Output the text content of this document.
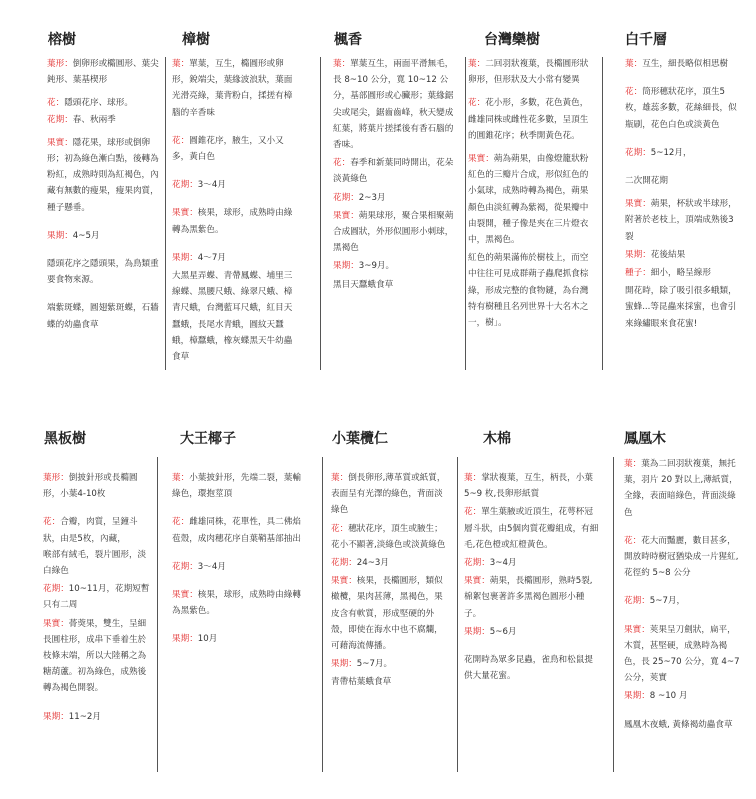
榕樹	樟樹	楓香	台灣欒樹	白千層

葉形：倒卵形或橢圓形、葉尖鈍形、葉基楔形

花：隱頭花序、球形。

花期：春、秋兩季

果實：隱花果，球形或倒卵形；初為綠色漸白點，後轉為粉紅，成熟時則為紅褐色，內藏有無數的瘦果，瘦果肉質，種子懸垂。

果期：4~5月

隱頭花序之隱頭果，為鳥類重要食物來源。

端紫斑蝶，圓翅紫斑蝶，石牆蝶的幼蟲食草

葉：單葉，互生，橢圓形或卵形，銳端尖，葉緣波浪狀，葉面光滑亮綠，葉背粉白，揉搓有樟腦的辛香味

花：圓錐花序，腋生，又小又多，黃白色

花期：3～4月

果實：核果，球形，成熟時由綠轉為黑紫色。

果期：4～7月

大黑星弄蝶、青帶鳳蝶、埔里三線蝶、黑腰尺蛾、綠翠尺蛾、樟青尺蛾，台灣藍耳尺蛾，紅目天蠶蛾，長尾水青蛾，圓紋天蠶蛾，樟蠶蛾，橡灰蝶黑天牛幼蟲食草

葉：單葉互生，兩面平滑無毛，長 8~10 公分，寬 10~12 公分，基部圓形或心臟形；葉緣鋸尖或尾尖，鋸齒齒峰，秋天變成紅葉，將葉片搓揉後有香石腦的香味。

花：春季和新葉同時開出，花朵淡黃綠色

花期：2~3月

果實：蒴果球形，聚合果相聚蒴合成圓狀，外形似圓形小刺球，黑褐色

果期：3~9月。

黑目天蠶蛾食草

葉：二回羽狀複葉，長橢圓形狀卵形，但形狀及大小常有變異

花：花小形，多數，花色黃色，雌雄同株或雌性花多數，呈頂生的圓錐花序；秋季開黃色花。

果實：蒴為蒴果，由像燈籠狀粉紅色的三瓣片合成，形似紅色的小氣球，成熟時轉為褐色，蒴果顏色由淡紅轉為紫褐，從果瓣中由裂開，種子像是夾在三片燈衣中，黑褐色。

紅色的蒴果滿佈於樹枝上，而空中往往可見成群蒴子蟲爬抓食棕綠，形成完整的食物鏈，為台灣特有樹種且名列世界十大名木之一，樹」。

葉：互生，細長略似相思樹

花：筒形穗狀花序，頂生5枚，雄蕊多數，花絲細長，似瓶刷，花色白色或淡黃色

花期：5~12月，

二次開花期

果實：蒴果，杯狀或半球形，附著於老枝上，頂端成熟後3裂

果期：花後結果

種子：細小，略呈線形

開花時，除了吸引很多蛾類，蜜蜂...等昆蟲來採蜜，也會引來綠繡眼來食花蜜!

黑板樹	大王椰子	小葉欖仁	木棉	鳳凰木

葉形：倒披針形或長橢圓形，小葉4-10枚

花：合瓣，肉質，呈鐘斗狀，由是5枚，內藏，

喉部有絨毛，裂片圓形，淡白綠色

花期：10~11月，花期短暫只有二周

果實：蓇葖果，雙生，呈細長圓柱形，成串下垂着生於枝條末端，所以大陸稱之為糖葫蘆。初為綠色，成熟後轉為褐色開裂。

果期：11~2月

葉：小葉披針形，先端二裂，葉輸綠色，環抱莖頂

花：雌雄同株，花單性，具二佛焰苞殼，成肉穗花序自葉鞘基部抽出

花期：3～4月

果實：核果，球形，成熟時由綠轉為黑紫色。

果期：10月

葉：倒長卵形,薄革質或紙質，表面呈有光澤的綠色，背面淡綠色

花：穗狀花序，頂生或腋生；花小不顯著,淡綠色或淡黃綠色

花期：24~3月

果實：核果，長橢圓形，類似橄欖，果肉甚薄，黑褐色，果皮含有軟質，形成堅硬的外殼，即使在海水中也不腐爛，可藉海流傳播。

果期：5~7月。

青帶枯葉蛾食草

葉：掌狀複葉，互生，柄長，小葉 5~9 枚,長卵形紙質

花：單生葉腋或近頂生，花萼杯冠層斗狀，由5個肉質花瓣組成，有細毛,花色橙或紅橙黃色。

花期：3~4月

果實：蒴果，長橢圓形，熟時5裂,棉絮包裹著許多黑褐色圓形小種子。

果期：5~6月

花開時為眾多昆蟲，雀鳥和松鼠提供大量花蜜。

葉：葉為二回羽狀複葉，無托葉，羽片 20 對以上,薄紙質，全緣，表面暗綠色，背面淡綠色

花：花大而豔麗，數目甚多，開放時時樹冠猶染成一片猩紅,花徑約 5~8 公分

花期：5~7月，

果實：莢果呈刀劍狀，扁平，木質，甚堅硬，成熟時為褐色，長 25~70 公分，寬 4~7 公分，莢實

果期：8 ~10 月

鳳凰木夜蛾, 黃條褐幼蟲食草
